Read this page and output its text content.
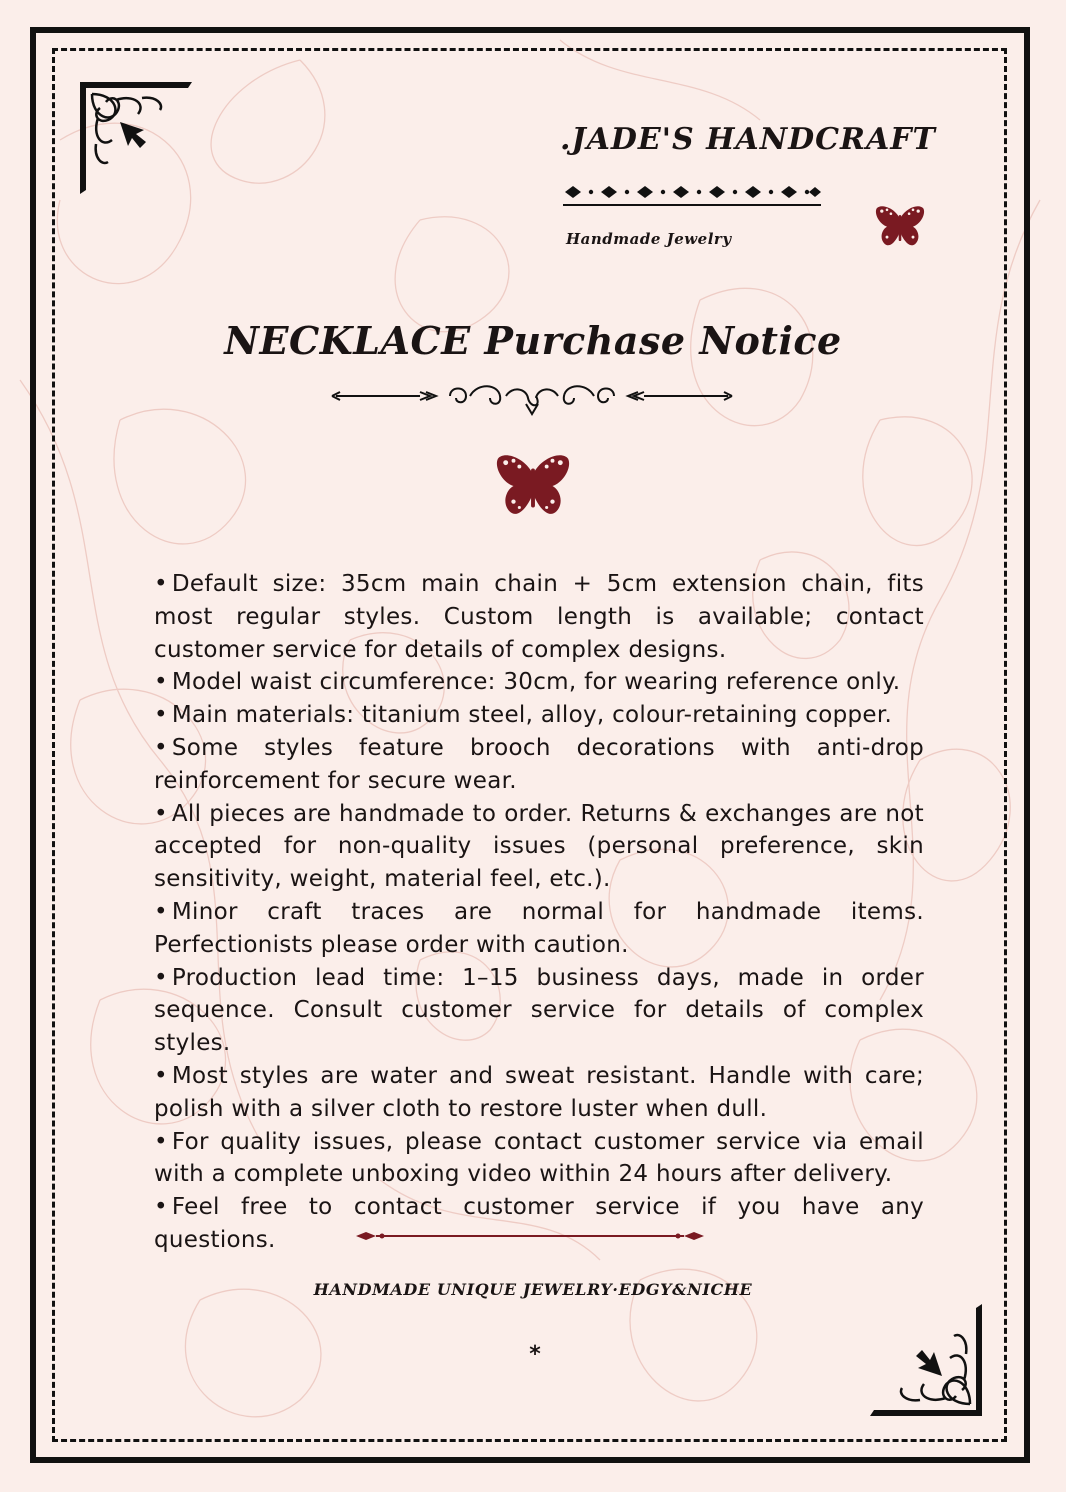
.JADE'S HANDCRAFT
Handmade Jewelry
NECKLACE Purchase Notice
• Default size: 35cm main chain + 5cm extension chain, fits most regular styles. Custom length is available; contact customer service for details of complex designs.
• Model waist circumference: 30cm, for wearing reference only.
• Main materials: titanium steel, alloy, colour-retaining copper.
• Some styles feature brooch decorations with anti-drop reinforcement for secure wear.
• All pieces are handmade to order. Returns & exchanges are not accepted for non-quality issues (personal preference, skin sensitivity, weight, material feel, etc.).
• Minor craft traces are normal for handmade items. Perfectionists please order with caution.
• Production lead time: 1–15 business days, made in order sequence. Consult customer service for details of complex styles.
• Most styles are water and sweat resistant. Handle with care; polish with a silver cloth to restore luster when dull.
• For quality issues, please contact customer service via email with a complete unboxing video within 24 hours after delivery.
• Feel free to contact customer service if you have any questions.
HANDMADE UNIQUE JEWELRY·EDGY&NICHE
*
